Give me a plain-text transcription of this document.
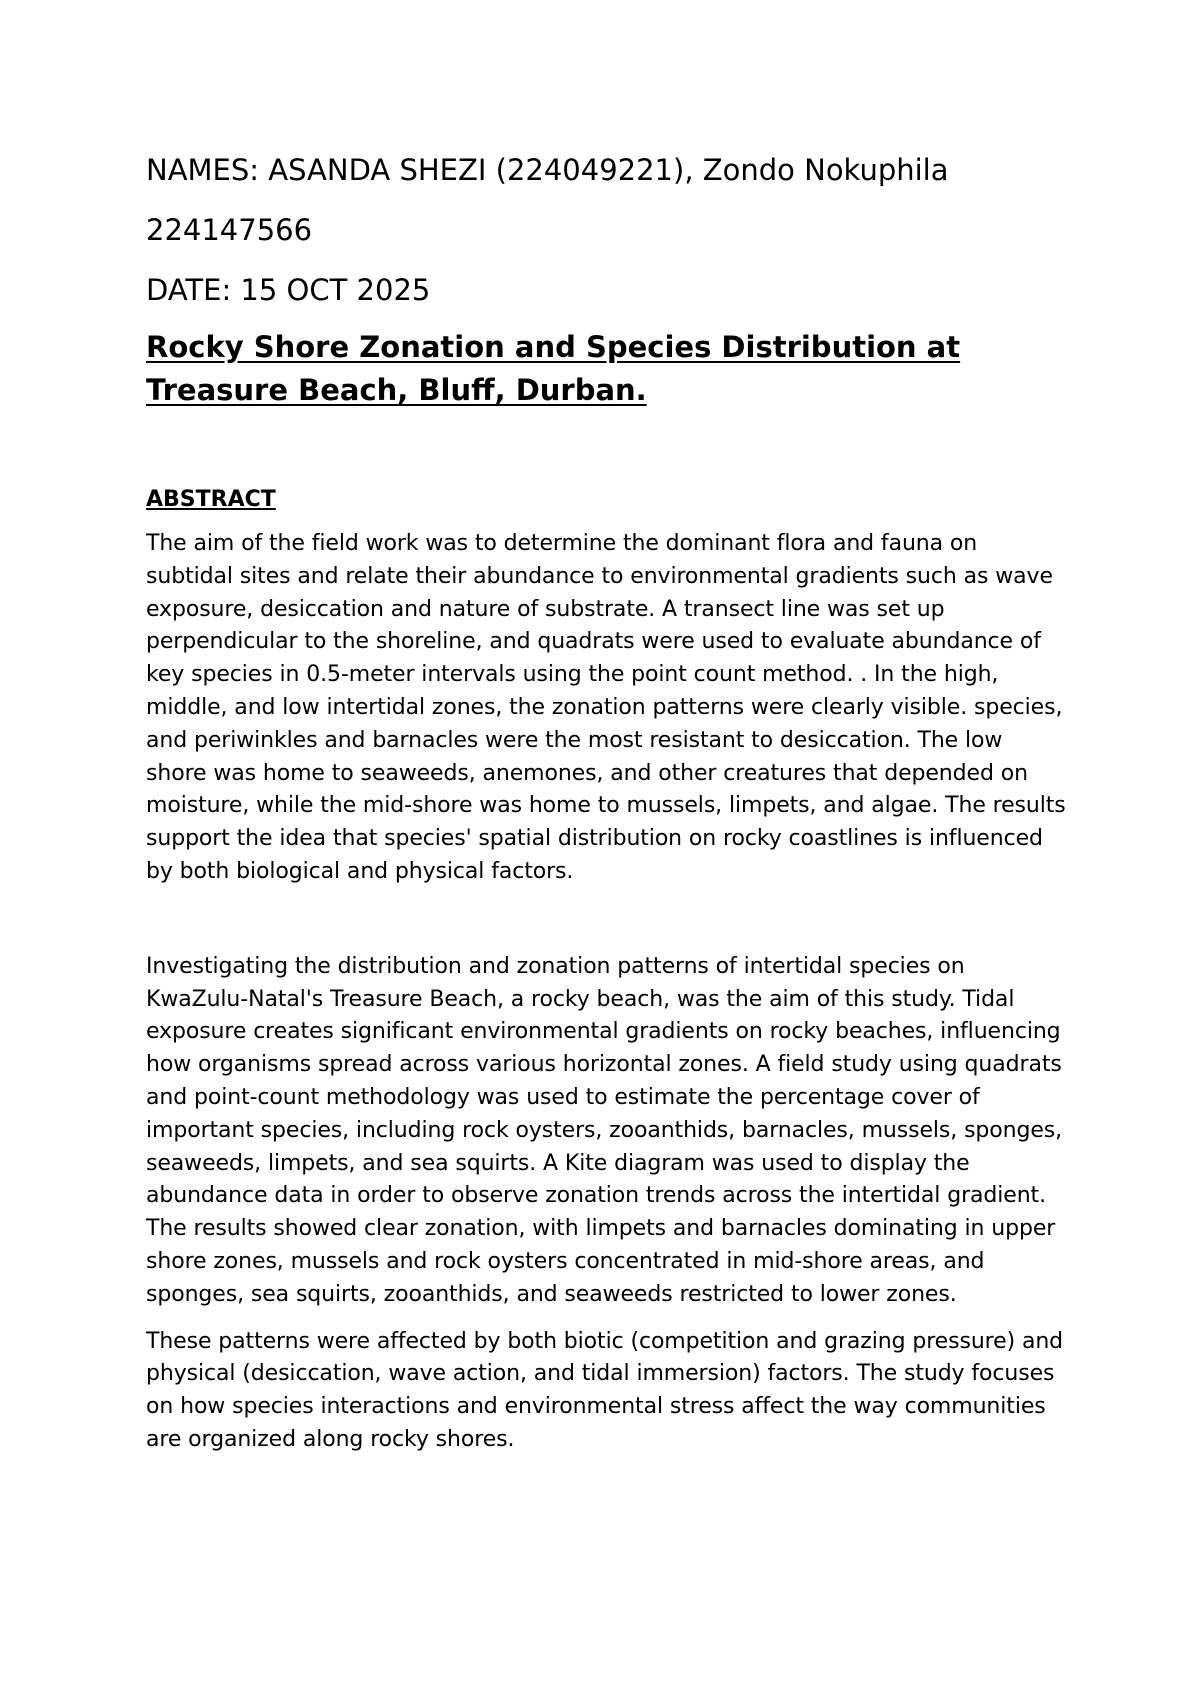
NAMES: ASANDA SHEZI (224049221), Zondo Nokuphila

224147566

DATE: 15 OCT 2025

Rocky Shore Zonation and Species Distribution at Treasure Beach, Bluff, Durban.
ABSTRACT

The aim of the field work was to determine the dominant flora and fauna on subtidal sites and relate their abundance to environmental gradients such as wave exposure, desiccation and nature of substrate. A transect line was set up perpendicular to the shoreline, and quadrats were used to evaluate abundance of key species in 0.5-meter intervals using the point count method. . In the high, middle, and low intertidal zones, the zonation patterns were clearly visible. species, and periwinkles and barnacles were the most resistant to desiccation. The low shore was home to seaweeds, anemones, and other creatures that depended on moisture, while the mid-shore was home to mussels, limpets, and algae. The results support the idea that species' spatial distribution on rocky coastlines is influenced by both biological and physical factors.

Investigating the distribution and zonation patterns of intertidal species on KwaZulu-Natal's Treasure Beach, a rocky beach, was the aim of this study. Tidal exposure creates significant environmental gradients on rocky beaches, influencing how organisms spread across various horizontal zones. A field study using quadrats and point-count methodology was used to estimate the percentage cover of important species, including rock oysters, zooanthids, barnacles, mussels, sponges, seaweeds, limpets, and sea squirts. A Kite diagram was used to display the abundance data in order to observe zonation trends across the intertidal gradient. The results showed clear zonation, with limpets and barnacles dominating in upper shore zones, mussels and rock oysters concentrated in mid-shore areas, and sponges, sea squirts, zooanthids, and seaweeds restricted to lower zones.

These patterns were affected by both biotic (competition and grazing pressure) and physical (desiccation, wave action, and tidal immersion) factors. The study focuses on how species interactions and environmental stress affect the way communities are organized along rocky shores.
